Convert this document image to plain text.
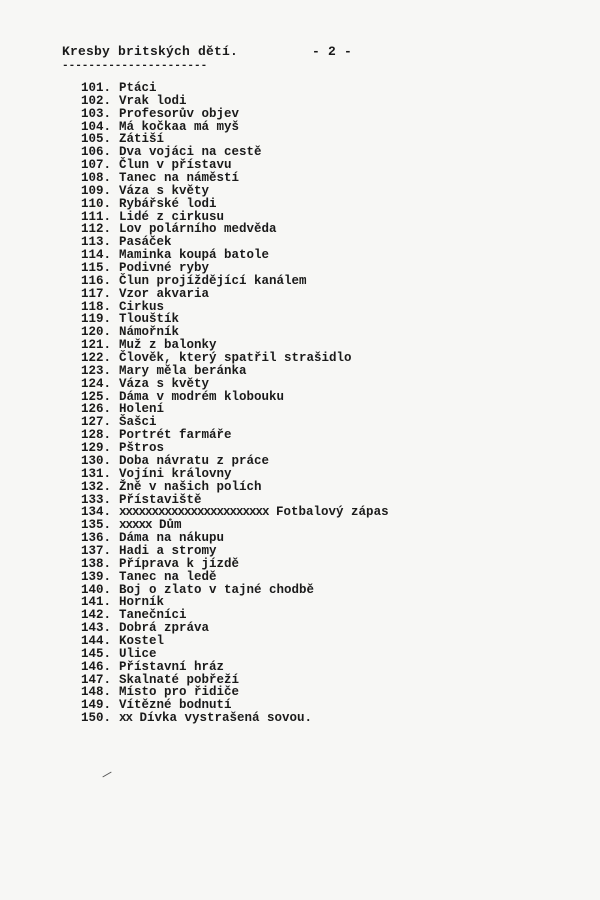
Kresby britských dětí.	- 2 -
----------------------
101. Ptáci
102. Vrak lodi
103. Profesorův objev
104. Má kočkaa má myš
105. Zátiší
106. Dva vojáci na cestě
107. Člun v přístavu
108. Tanec na náměstí
109. Váza s květy
110. Rybářské lodi
111. Lidé z cirkusu
112. Lov polárního medvěda
113. Pasáček
114. Maminka koupá batole
115. Podivné ryby
116. Člun projíždějící kanálem
117. Vzor akvaria
118. Cirkus
119. Tlouštík
120. Námořník
121. Muž z balonky
122. Člověk, který spatřil strašidlo
123. Mary měla beránka
124. Váza s květy
125. Dáma v modrém klobouku
126. Holení
127. Šašci
128. Portrét farmáře
129. Pštros
130. Doba návratu z práce
131. Vojíni královny
132. Žně v našich polích
133. Přístaviště
134. xxxxxxxxxxxxxxxxxxxxxxx Fotbalový zápas
135. xxxxx Dům
136. Dáma na nákupu
137. Hadi a stromy
138. Příprava k jízdě
139. Tanec na ledě
140. Boj o zlato v tajné chodbě
141. Horník
142. Tanečníci
143. Dobrá zpráva
144. Kostel
145. Ulice
146. Přístavní hráz
147. Skalnaté pobřeží
148. Místo pro řidiče
149. Vítězné bodnutí
150. xx Dívka vystrašená sovou.
